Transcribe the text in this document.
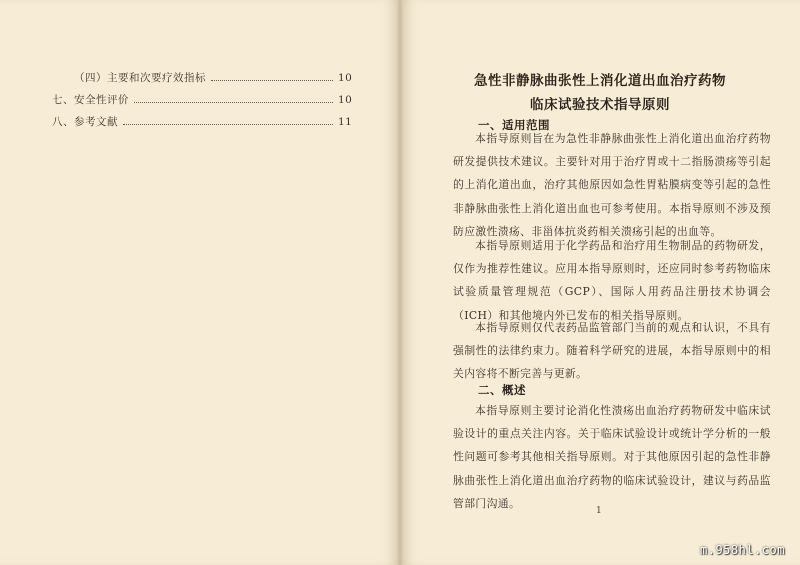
（四）主要和次要疗效指标	10
七、安全性评价	10
八、参考文献	11
急性非静脉曲张性上消化道出血治疗药物
临床试验技术指导原则
一、适用范围

本指导原则旨在为急性非静脉曲张性上消化道出血治疗药物研发提供技术建议。主要针对用于治疗胃或十二指肠溃疡等引起的上消化道出血，治疗其他原因如急性胃粘膜病变等引起的急性非静脉曲张性上消化道出血也可参考使用。本指导原则不涉及预防应激性溃疡、非甾体抗炎药相关溃疡引起的出血等。

本指导原则适用于化学药品和治疗用生物制品的药物研发，仅作为推荐性建议。应用本指导原则时，还应同时参考药物临床试验质量管理规范（GCP）、国际人用药品注册技术协调会（ICH）和其他境内外已发布的相关指导原则。

本指导原则仅代表药品监管部门当前的观点和认识，不具有强制性的法律约束力。随着科学研究的进展，本指导原则中的相关内容将不断完善与更新。

二、概述

本指导原则主要讨论消化性溃疡出血治疗药物研发中临床试验设计的重点关注内容。关于临床试验设计或统计学分析的一般性问题可参考其他相关指导原则。对于其他原因引起的急性非静脉曲张性上消化道出血治疗药物的临床试验设计，建议与药品监管部门沟通。

1
m.958hl.com
